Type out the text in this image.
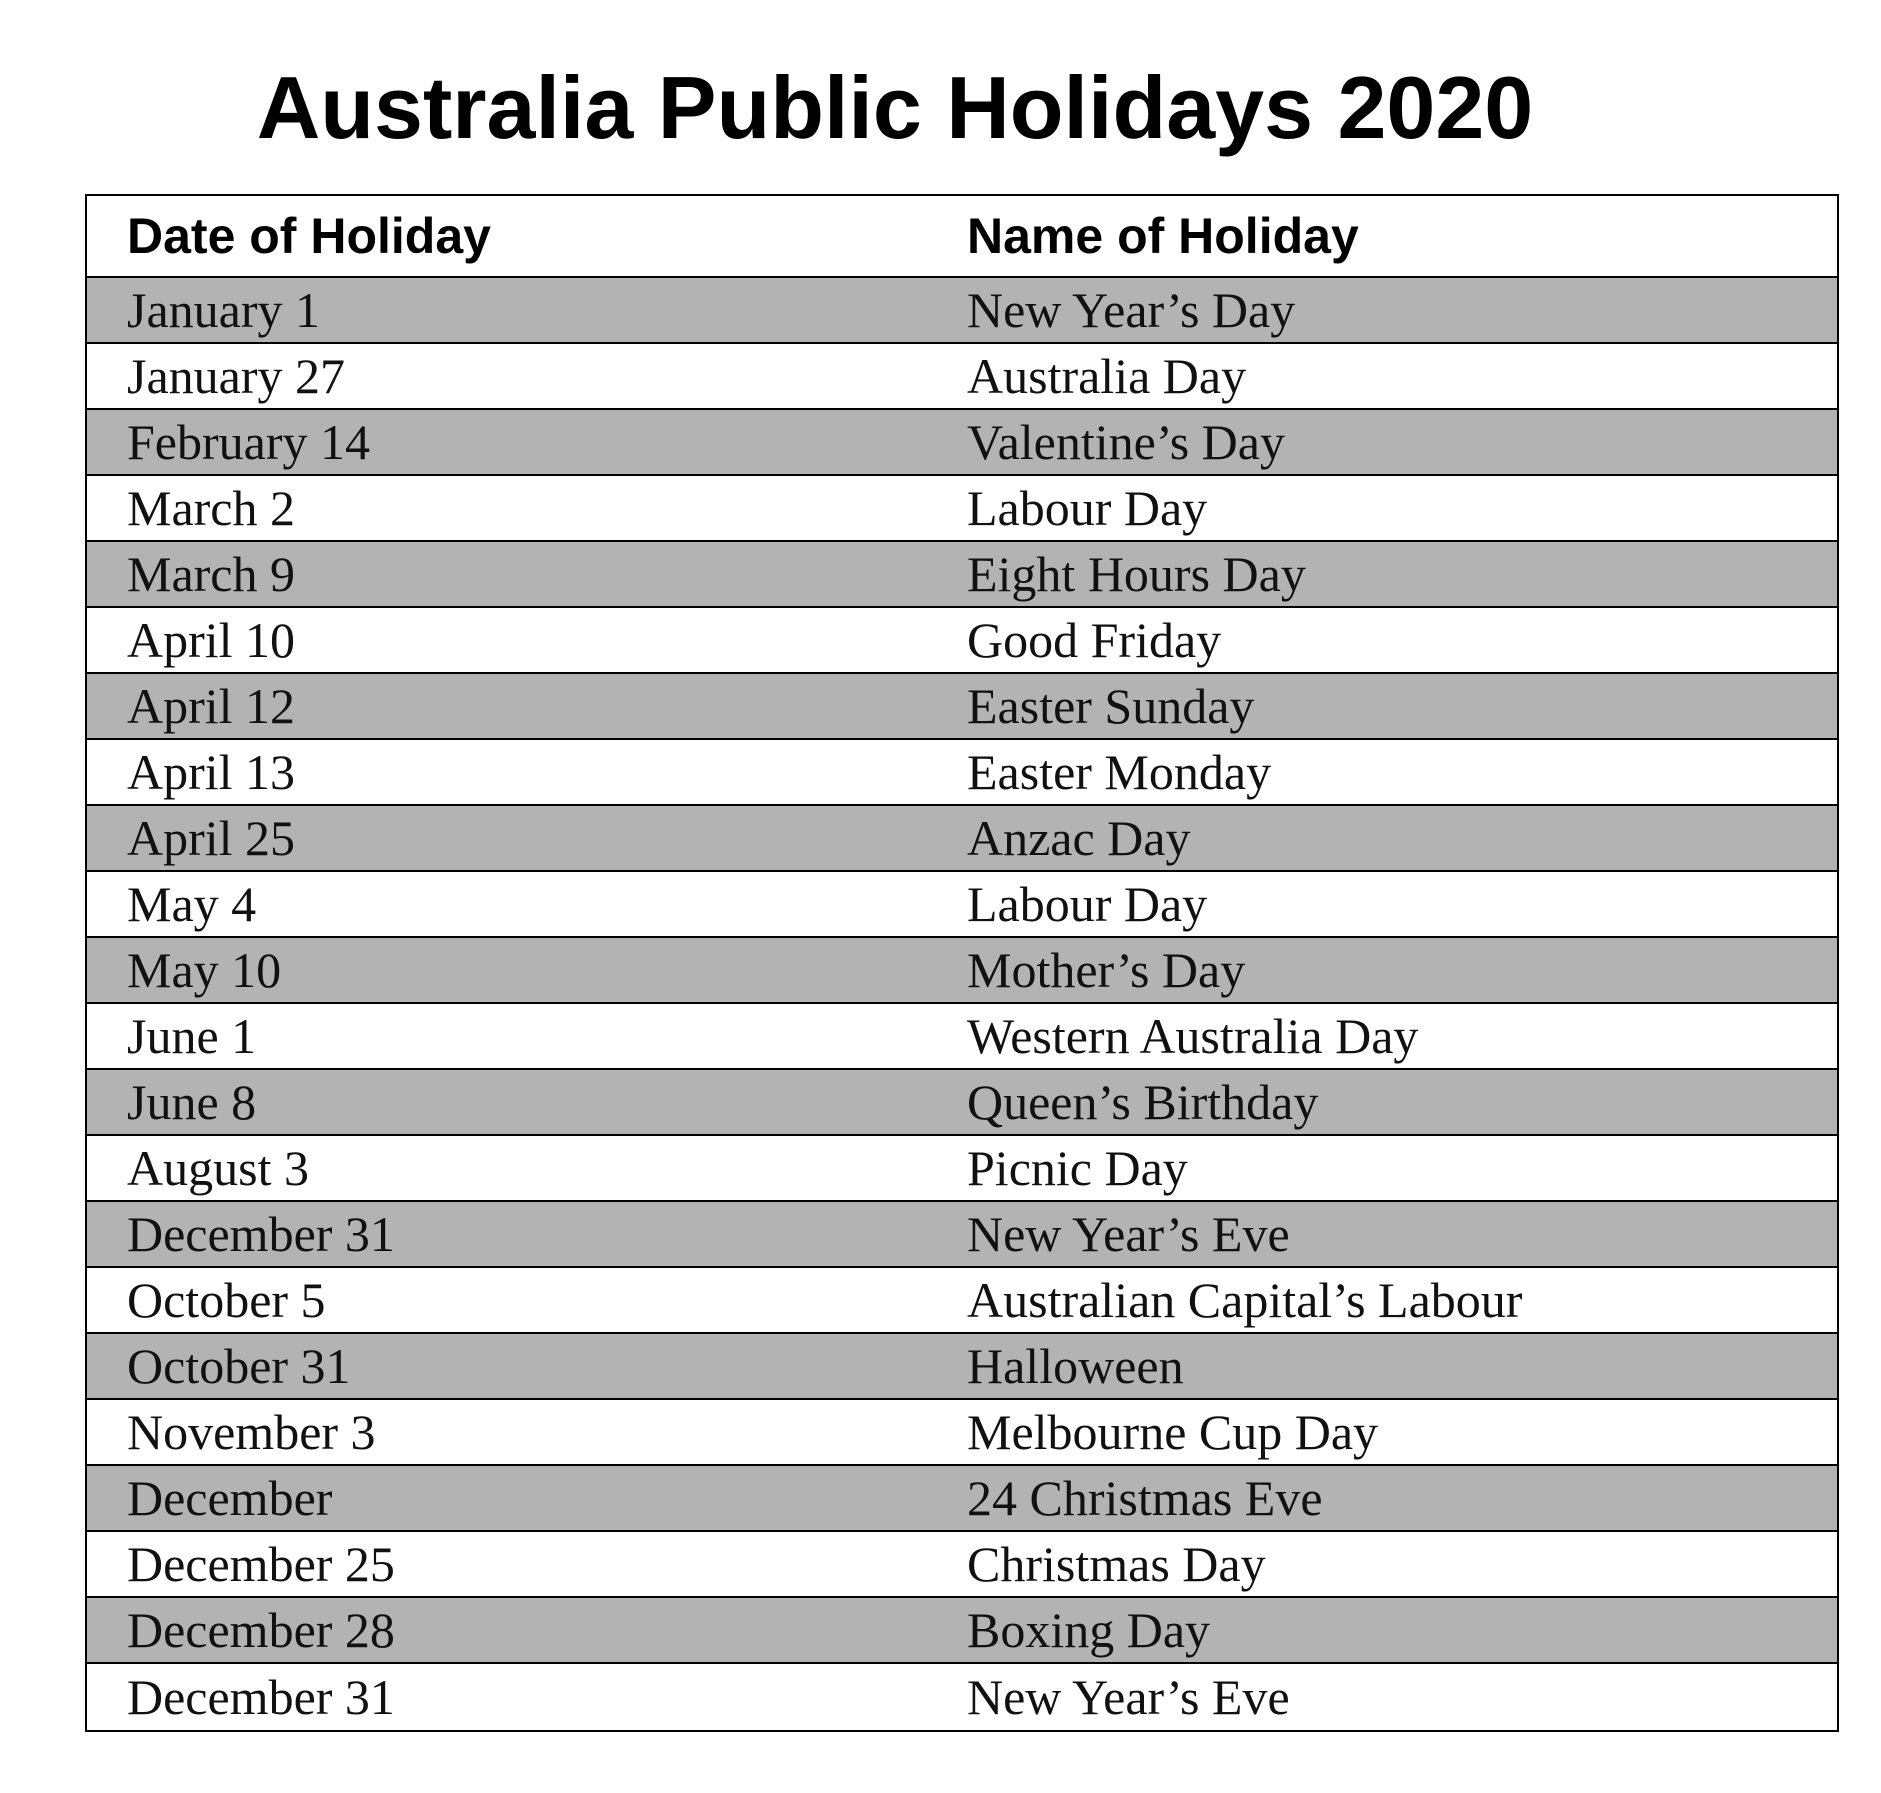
Australia Public Holidays 2020
Date of Holiday	Name of Holiday
January 1	New Year’s Day
January 27	Australia Day
February 14	Valentine’s Day
March 2	Labour Day
March 9	Eight Hours Day
April 10	Good Friday
April 12	Easter Sunday
April 13	Easter Monday
April 25	Anzac Day
May 4	Labour Day
May 10	Mother’s Day
June 1	Western Australia Day
June 8	Queen’s Birthday
August 3	Picnic Day
December 31	New Year’s Eve
October 5	Australian Capital’s Labour
October 31	Halloween
November 3	Melbourne Cup Day
December	24 Christmas Eve
December 25	Christmas Day
December 28	Boxing Day
December 31	New Year’s Eve
